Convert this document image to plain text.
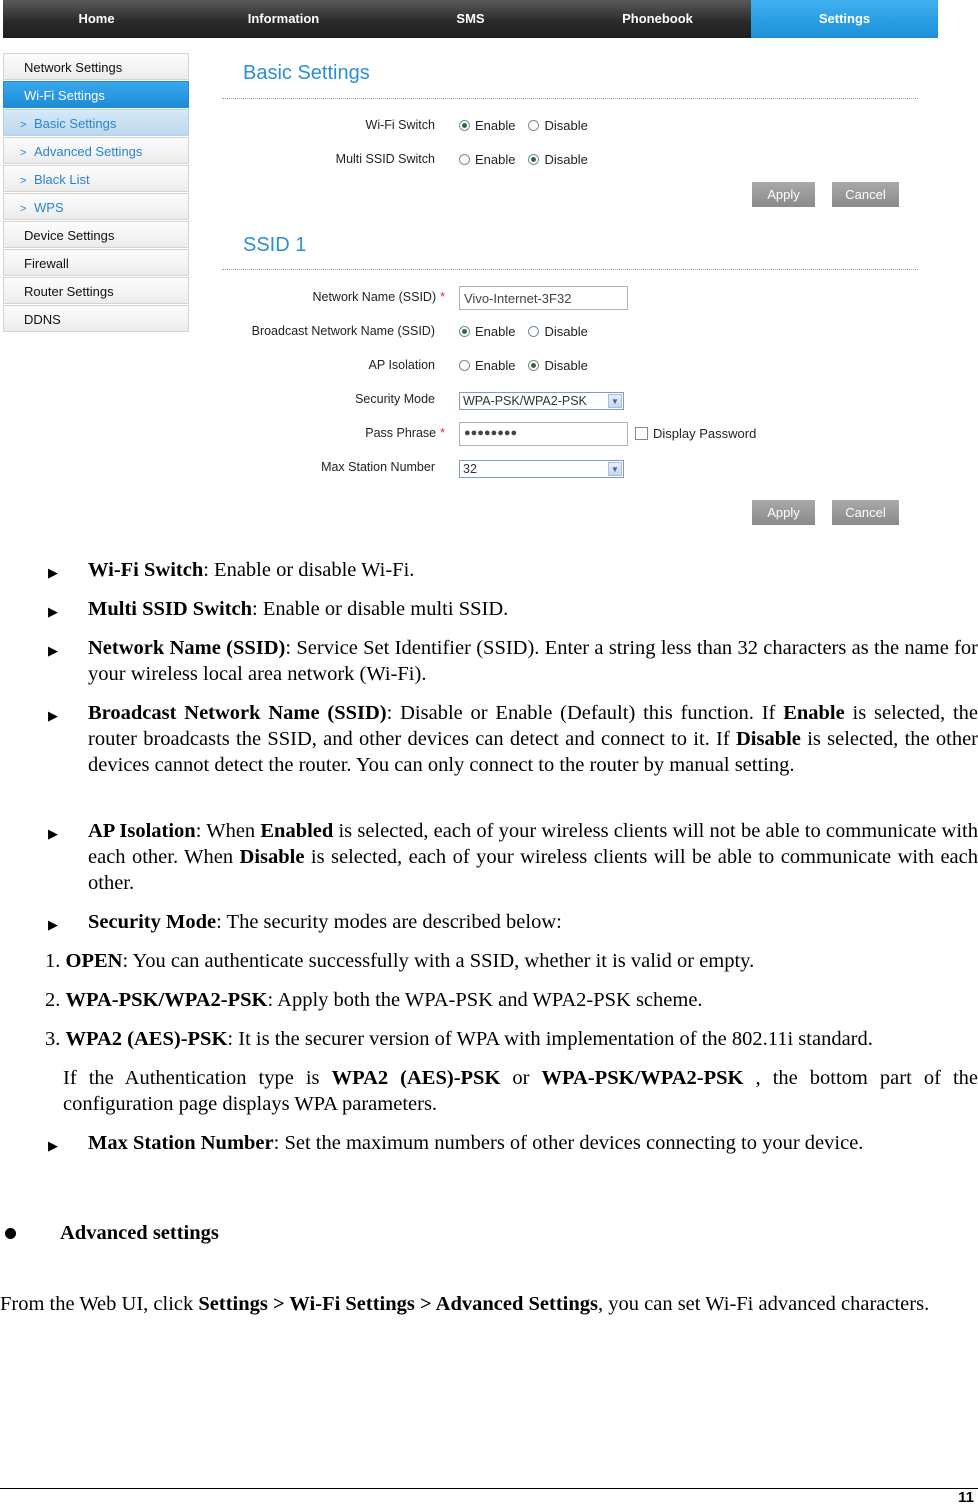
Home	Information	SMS	Phonebook	Settings
Network Settings
Wi-Fi Settings
> Basic Settings
> Advanced Settings
> Black List
> WPS
Device Settings
Firewall
Router Settings
DDNS
Basic Settings
Wi-Fi Switch	Enable Disable
Multi SSID Switch	Enable Disable
Apply	Cancel
SSID 1
Network Name (SSID) *	Vivo-Internet-3F32
Broadcast Network Name (SSID)	Enable Disable
AP Isolation	Enable Disable
Security Mode	WPA-PSK/WPA2-PSK	▼
Pass Phrase *	●●●●●●●●	Display Password
Max Station Number	32	▼
Apply	Cancel
▶ Wi-Fi Switch: Enable or disable Wi-Fi.
▶ Multi SSID Switch: Enable or disable multi SSID.
▶ Network Name (SSID): Service Set Identifier (SSID). Enter a string less than 32 characters as the name for your wireless local area network (Wi-Fi).
▶ Broadcast Network Name (SSID): Disable or Enable (Default) this function. If Enable is selected, the router broadcasts the SSID, and other devices can detect and connect to it. If Disable is selected, the other devices cannot detect the router. You can only connect to the router by manual setting.
▶ AP Isolation: When Enabled is selected, each of your wireless clients will not be able to communicate with each other. When Disable is selected, each of your wireless clients will be able to communicate with each other.
▶ Security Mode: The security modes are described below:
1. OPEN: You can authenticate successfully with a SSID, whether it is valid or empty.
2. WPA-PSK/WPA2-PSK: Apply both the WPA-PSK and WPA2-PSK scheme.
3. WPA2 (AES)-PSK: It is the securer version of WPA with implementation of the 802.11i standard.
If the Authentication type is WPA2 (AES)-PSK or WPA-PSK/WPA2-PSK , the bottom part of the configuration page displays WPA parameters.
▶ Max Station Number: Set the maximum numbers of other devices connecting to your device.
Advanced settings
From the Web UI, click Settings > Wi-Fi Settings > Advanced Settings, you can set Wi-Fi advanced characters.
11
